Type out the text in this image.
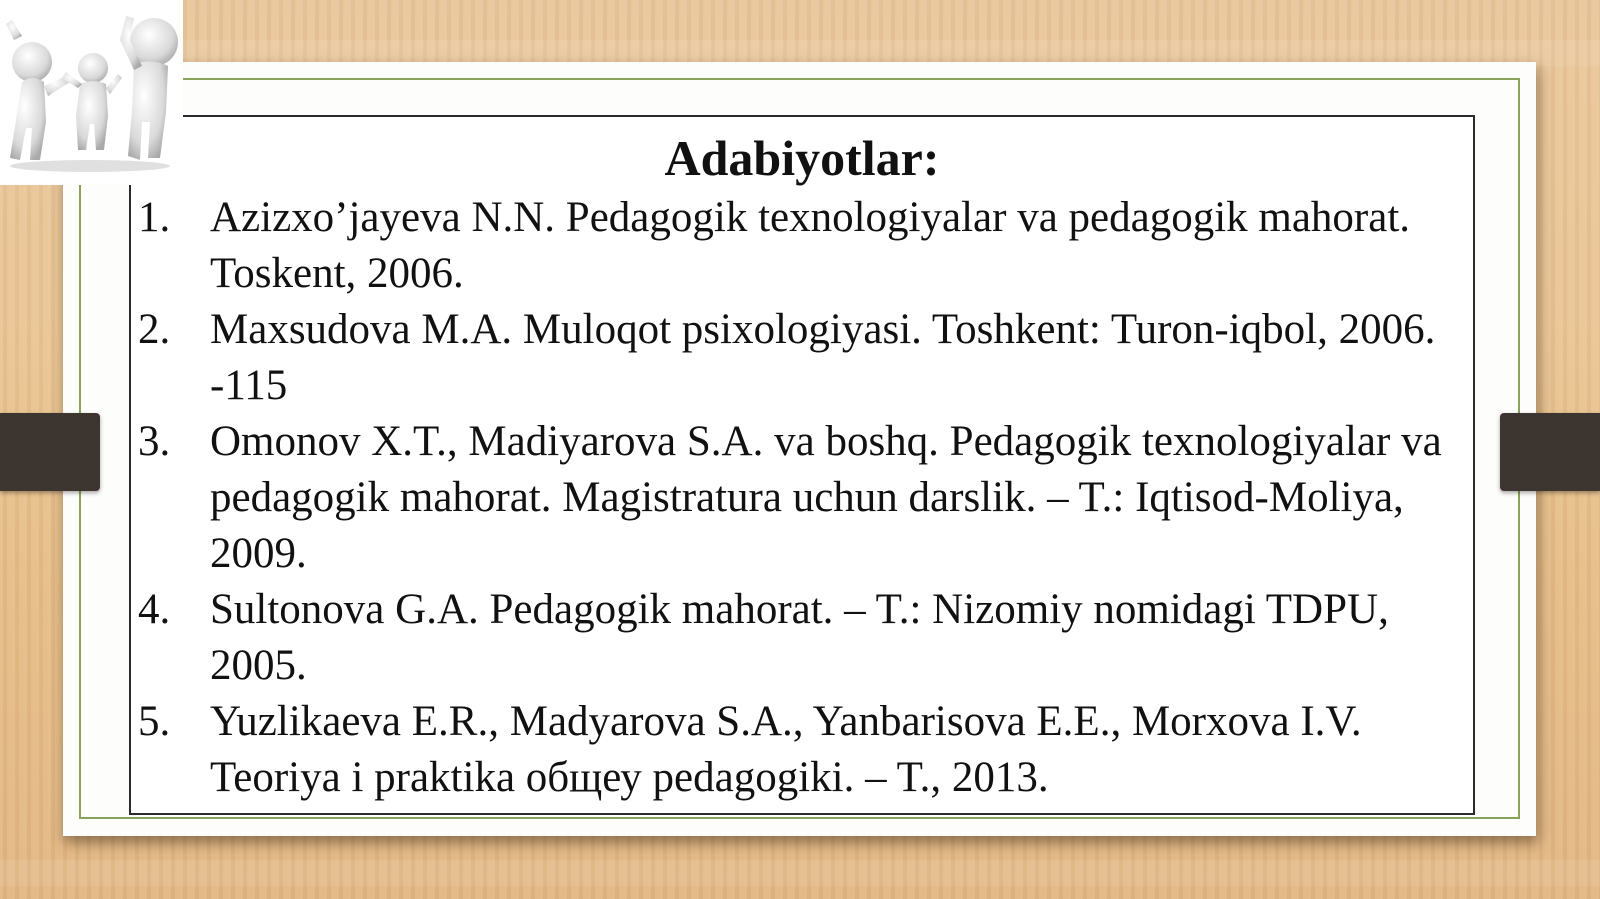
Adabiyotlar:
1. Azizxo’jayeva N.N. Pedagogik texnologiyalar va pedagogik mahorat. Toskent, 2006.
2. Maxsudova M.A. Muloqot psixologiyasi. Toshkent: Turon-iqbol, 2006. -115
3. Omonov X.T., Madiyarova S.A. va boshq. Pedagogik texnologiyalar va pedagogik mahorat. Magistratura uchun darslik. – T.: Iqtisod-Moliya, 2009.
4. Sultonova G.A. Pedagogik mahorat. – T.: Nizomiy nomidagi TDPU, 2005.
5. Yuzlikaeva E.R., Madyarova S.A., Yanbarisova E.E., Morxova I.V. Teoriya i praktika общеу pedagogiki. – T., 2013.
